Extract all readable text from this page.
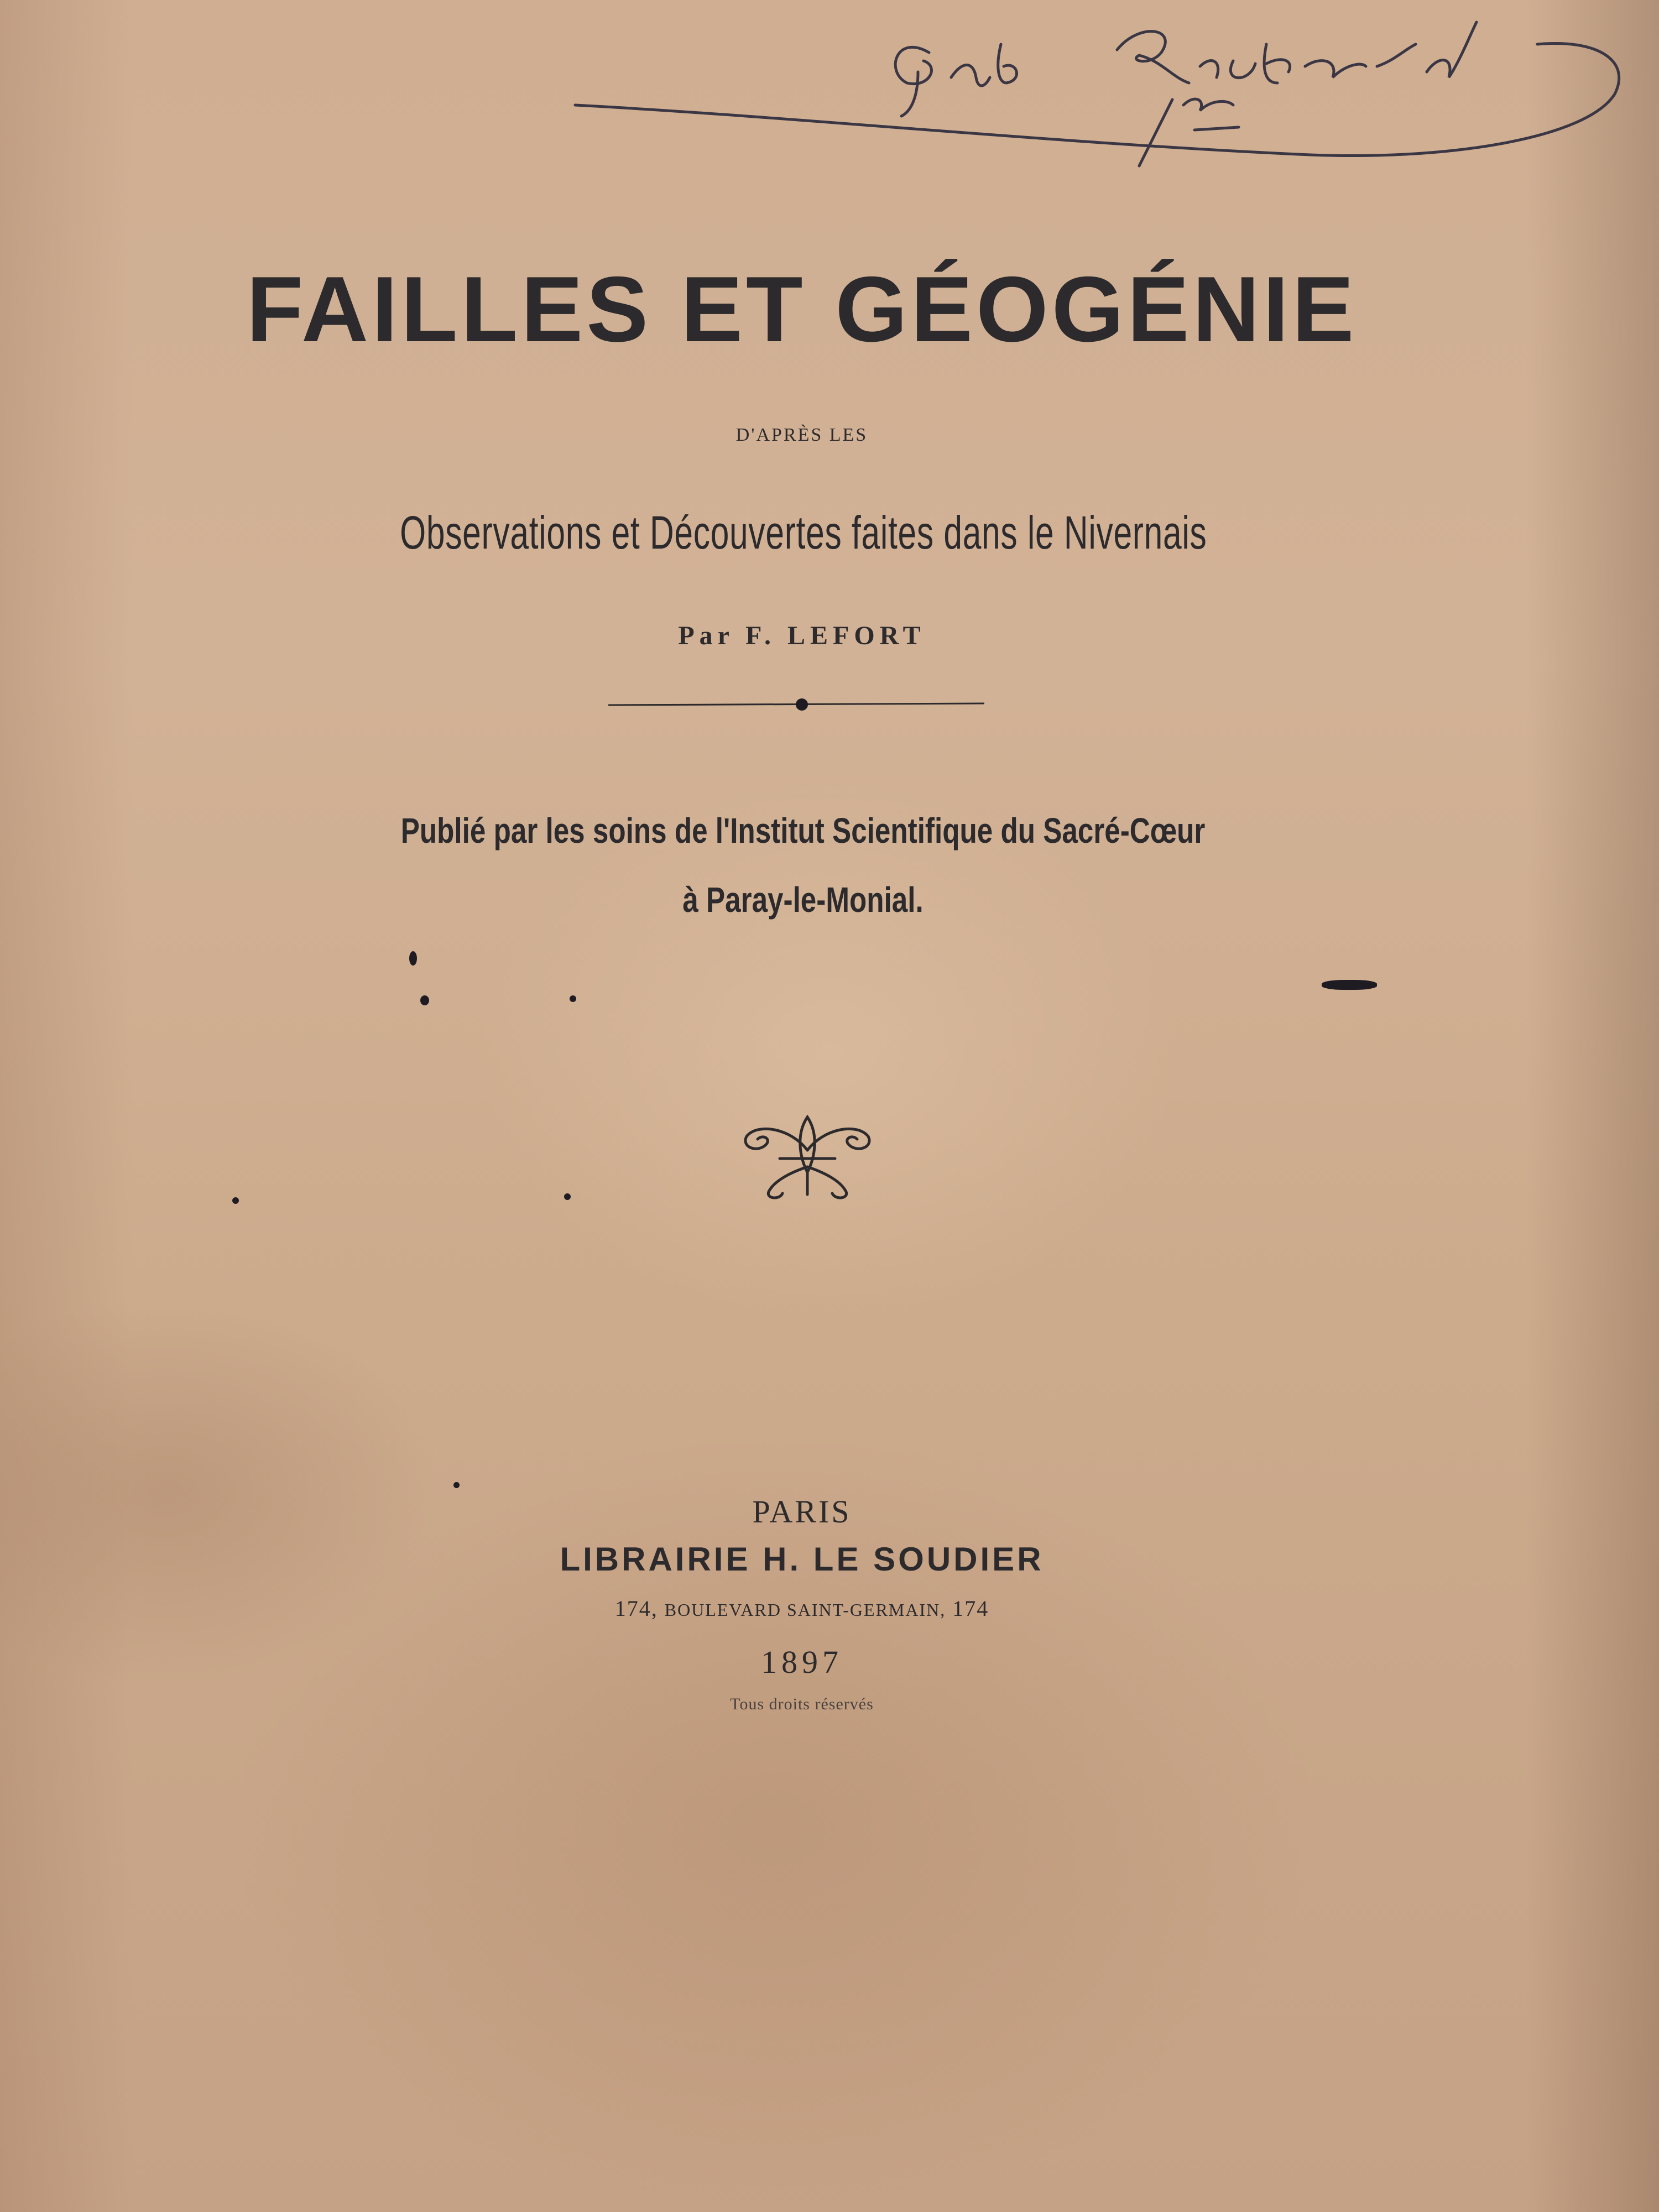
FAILLES ET GÉOGÉNIE
D'APRÈS LES
Observations et Découvertes faites dans le Nivernais
Par F. LEFORT
Publié par les soins de l'Institut Scientifique du Sacré-Cœur
à Paray-le-Monial.
PARIS
LIBRAIRIE H. LE SOUDIER
174, BOULEVARD SAINT-GERMAIN, 174
1897
Tous droits réservés
